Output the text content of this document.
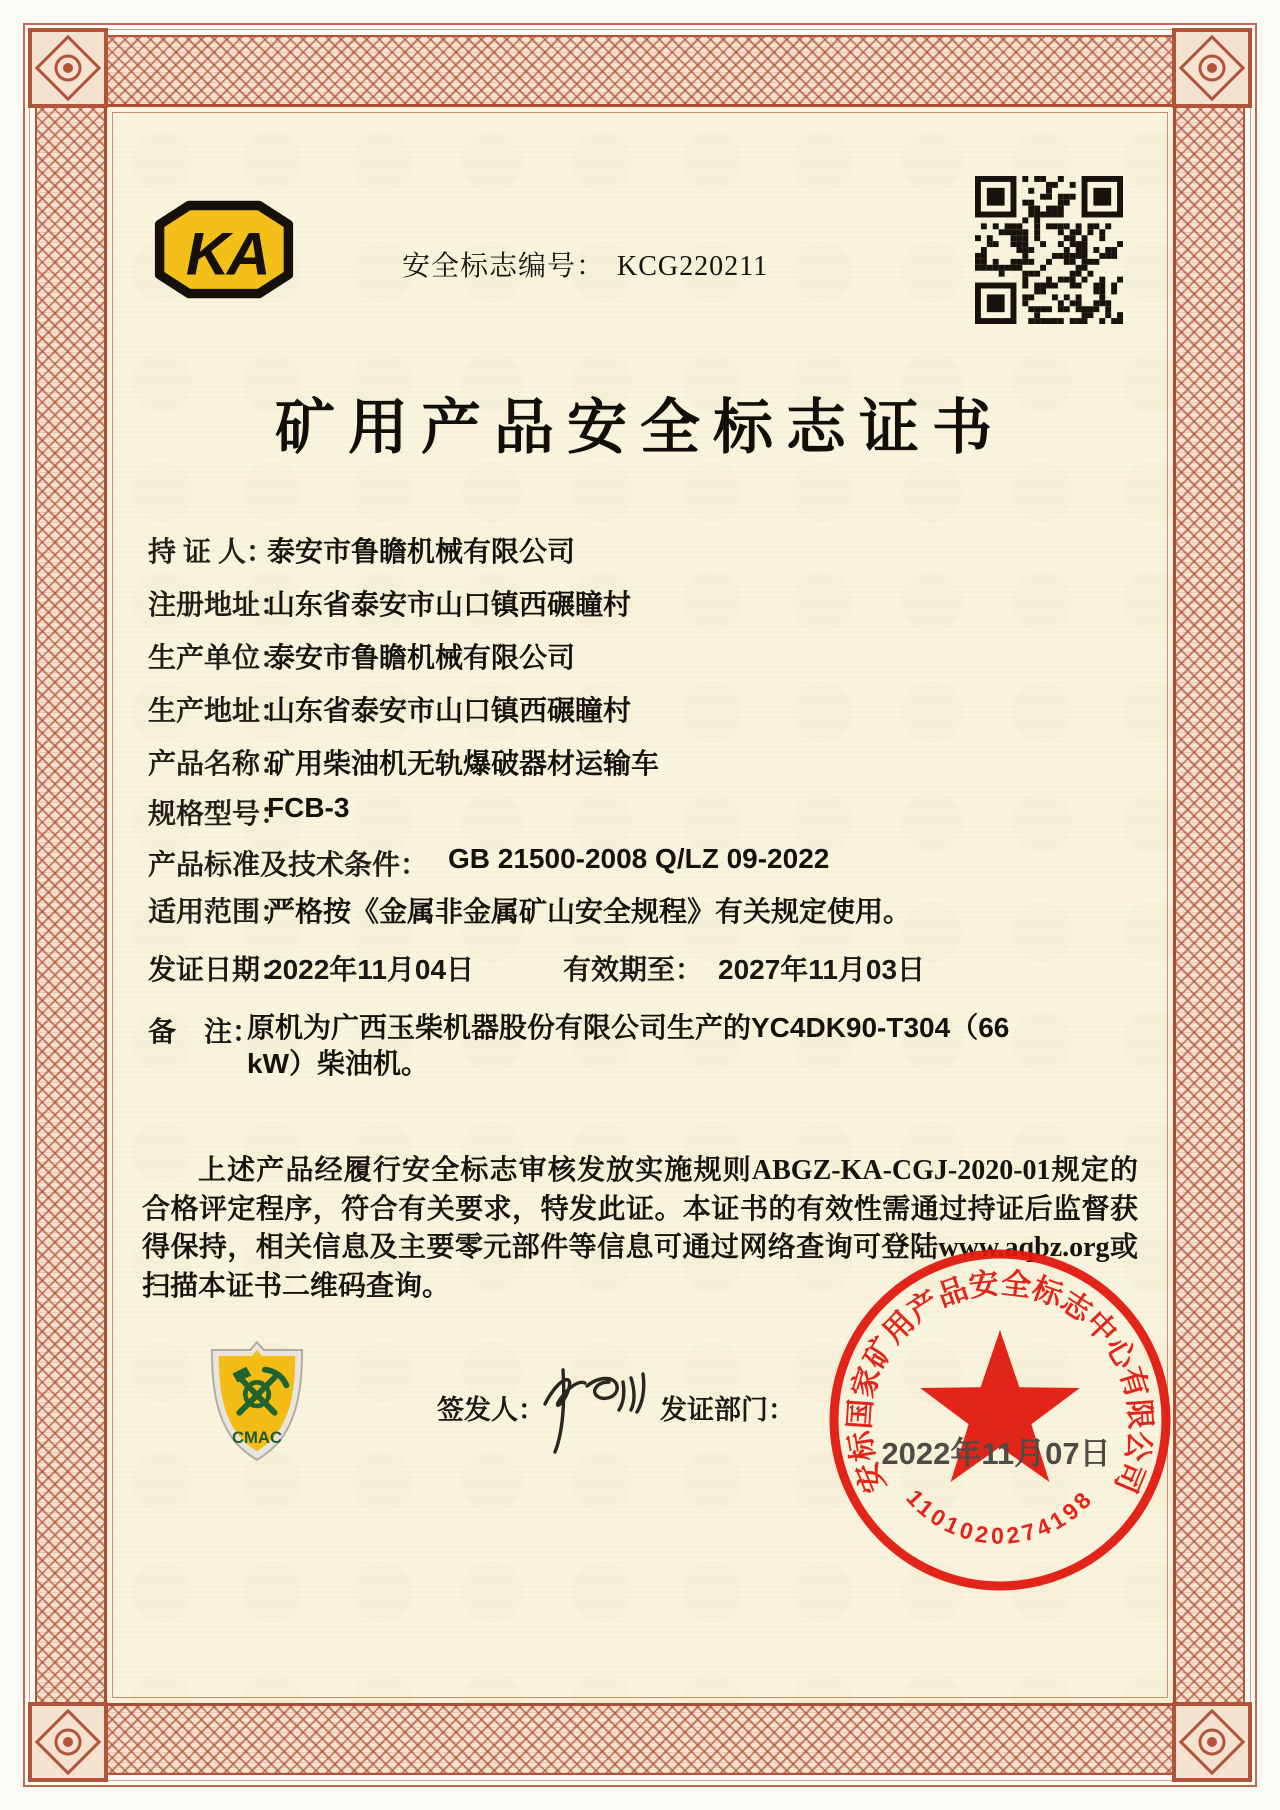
KA	安全标志编号： KCG220211
矿用产品安全标志证书
持 证 人：
泰安市鲁瞻机械有限公司
注册地址：
山东省泰安市山口镇西碾瞳村
生产单位：
泰安市鲁瞻机械有限公司
生产地址：
山东省泰安市山口镇西碾瞳村
产品名称：
矿用柴油机无轨爆破器材运输车
规格型号：
FCB-3
产品标准及技术条件： GB 21500-2008 Q/LZ 09-2022
适用范围：
严格按《金属非金属矿山安全规程》有关规定使用。
发证日期：
2022年11月04日	有效期至： 2027年11月03日
备　注：
原机为广西玉柴机器股份有限公司生产的YC4DK90-T304（66 kW）柴油机。
上述产品经履行安全标志审核发放实施规则ABGZ-KA-CGJ-2020-01规定的合格评定程序，符合有关要求，特发此证。本证书的有效性需通过持证后监督获得保持，相关信息及主要零元部件等信息可通过网络查询可登陆www.aqbz.org或扫描本证书二维码查询。
CMAC
签发人：	发证部门：
安标国家矿用产品安全标志中心有限公司
1101020274198
2022年11月07日
